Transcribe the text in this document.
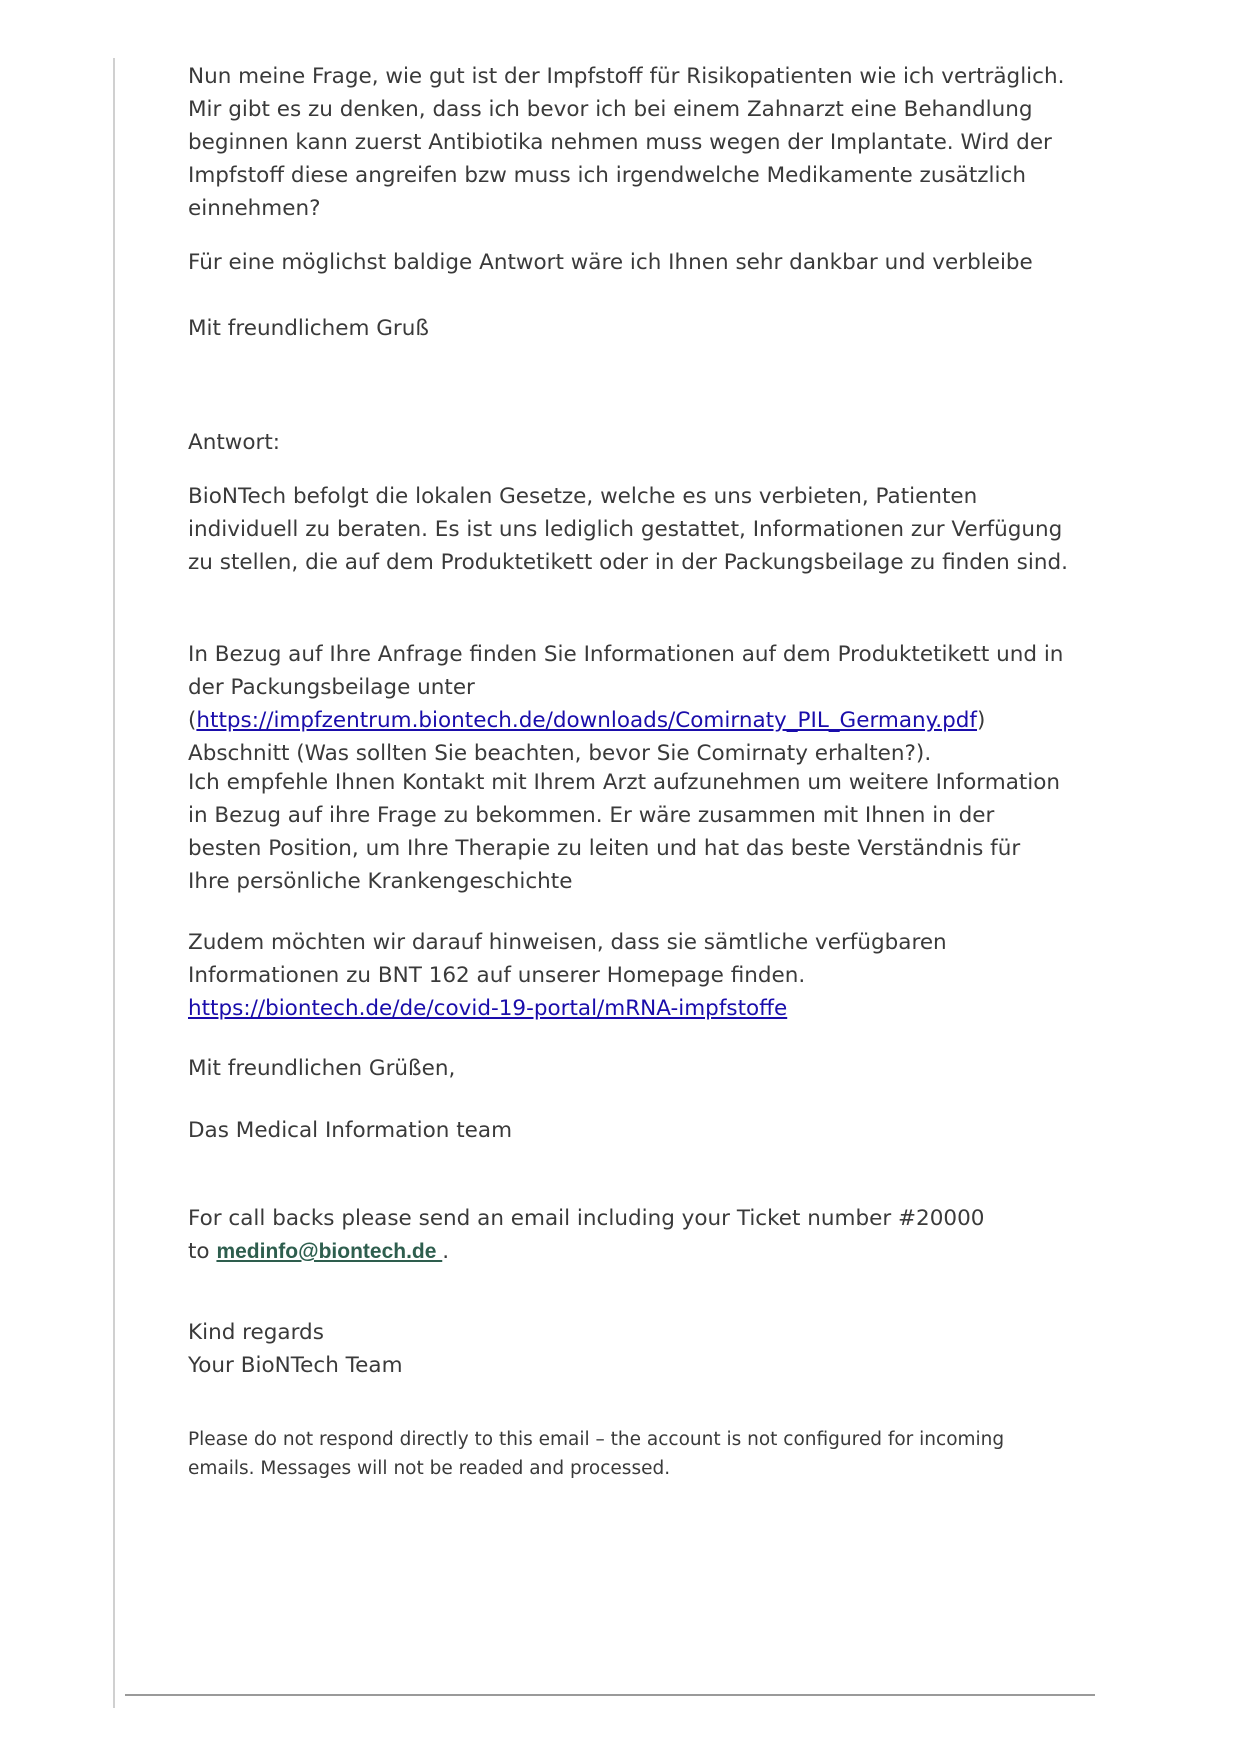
Nun meine Frage, wie gut ist der Impfstoff für Risikopatienten wie ich verträglich. Mir gibt es zu denken, dass ich bevor ich bei einem Zahnarzt eine Behandlung beginnen kann zuerst Antibiotika nehmen muss wegen der Implantate. Wird der Impfstoff diese angreifen bzw muss ich irgendwelche Medikamente zusätzlich einnehmen?

Für eine möglichst baldige Antwort wäre ich Ihnen sehr dankbar und verbleibe

Mit freundlichem Gruß

Antwort:

BioNTech befolgt die lokalen Gesetze, welche es uns verbieten, Patienten individuell zu beraten. Es ist uns lediglich gestattet, Informationen zur Verfügung zu stellen, die auf dem Produktetikett oder in der Packungsbeilage zu finden sind.

In Bezug auf Ihre Anfrage finden Sie Informationen auf dem Produktetikett und in der Packungsbeilage unter

(https://impfzentrum.biontech.de/downloads/Comirnaty_PIL_Germany.pdf)

Abschnitt (Was sollten Sie beachten, bevor Sie Comirnaty erhalten?).

Ich empfehle Ihnen Kontakt mit Ihrem Arzt aufzunehmen um weitere Information in Bezug auf ihre Frage zu bekommen. Er wäre zusammen mit Ihnen in der besten Position, um Ihre Therapie zu leiten und hat das beste Verständnis für Ihre persönliche Krankengeschichte

Zudem möchten wir darauf hinweisen, dass sie sämtliche verfügbaren Informationen zu BNT 162 auf unserer Homepage finden.

https://biontech.de/de/covid-19-portal/mRNA-impfstoffe

Mit freundlichen Grüßen,

Das Medical Information team

For call backs please send an email including your Ticket number #20000

to medinfo@biontech.de .

Kind regards

Your BioNTech Team

Please do not respond directly to this email – the account is not configured for incoming emails. Messages will not be readed and processed.
